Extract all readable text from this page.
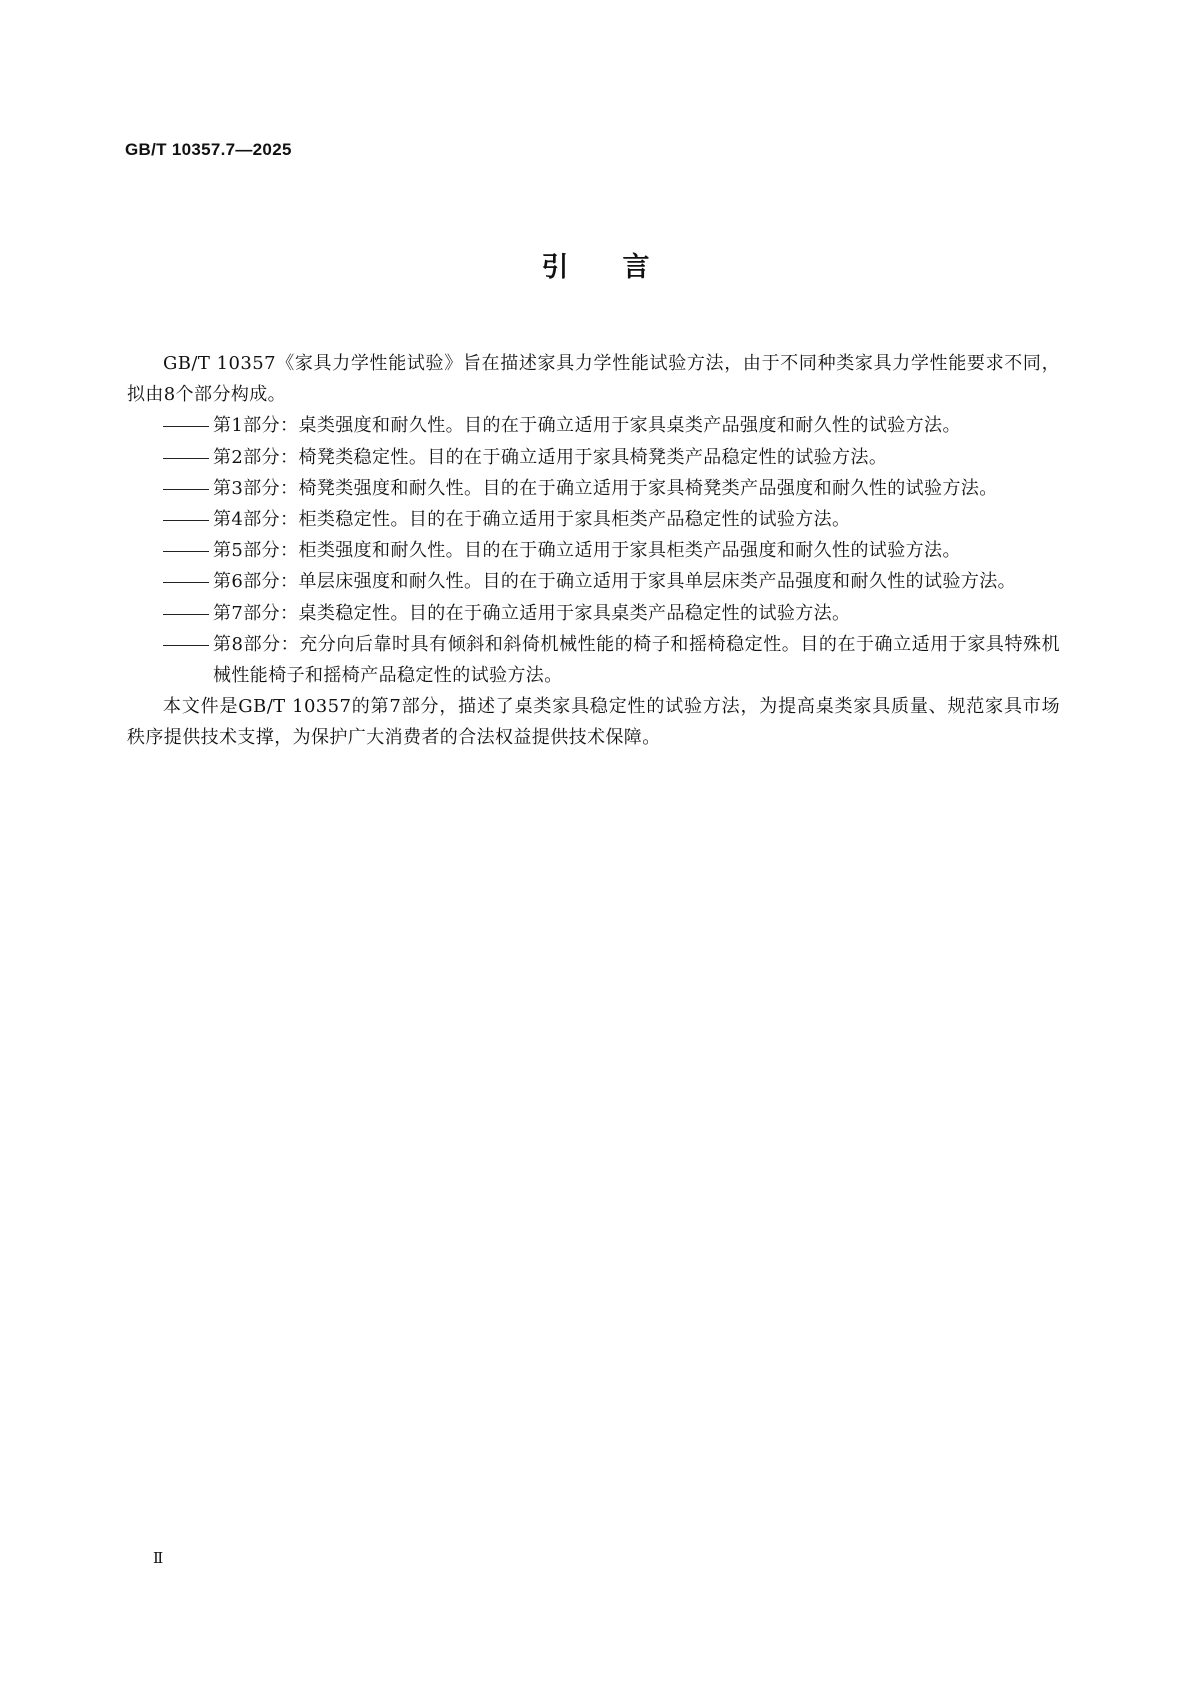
GB/T 10357.7—2025
引　　言

GB/T 10357《家具力学性能试验》旨在描述家具力学性能试验方法，由于不同种类家具力学性能要求不同，拟由8个部分构成。

第1部分：桌类强度和耐久性。目的在于确立适用于家具桌类产品强度和耐久性的试验方法。
第2部分：椅凳类稳定性。目的在于确立适用于家具椅凳类产品稳定性的试验方法。
第3部分：椅凳类强度和耐久性。目的在于确立适用于家具椅凳类产品强度和耐久性的试验方法。
第4部分：柜类稳定性。目的在于确立适用于家具柜类产品稳定性的试验方法。
第5部分：柜类强度和耐久性。目的在于确立适用于家具柜类产品强度和耐久性的试验方法。
第6部分：单层床强度和耐久性。目的在于确立适用于家具单层床类产品强度和耐久性的试验方法。
第7部分：桌类稳定性。目的在于确立适用于家具桌类产品稳定性的试验方法。
第8部分：充分向后靠时具有倾斜和斜倚机械性能的椅子和摇椅稳定性。目的在于确立适用于家具特殊机械性能椅子和摇椅产品稳定性的试验方法。

本文件是GB/T 10357的第7部分，描述了桌类家具稳定性的试验方法，为提高桌类家具质量、规范家具市场秩序提供技术支撑，为保护广大消费者的合法权益提供技术保障。

Ⅱ
